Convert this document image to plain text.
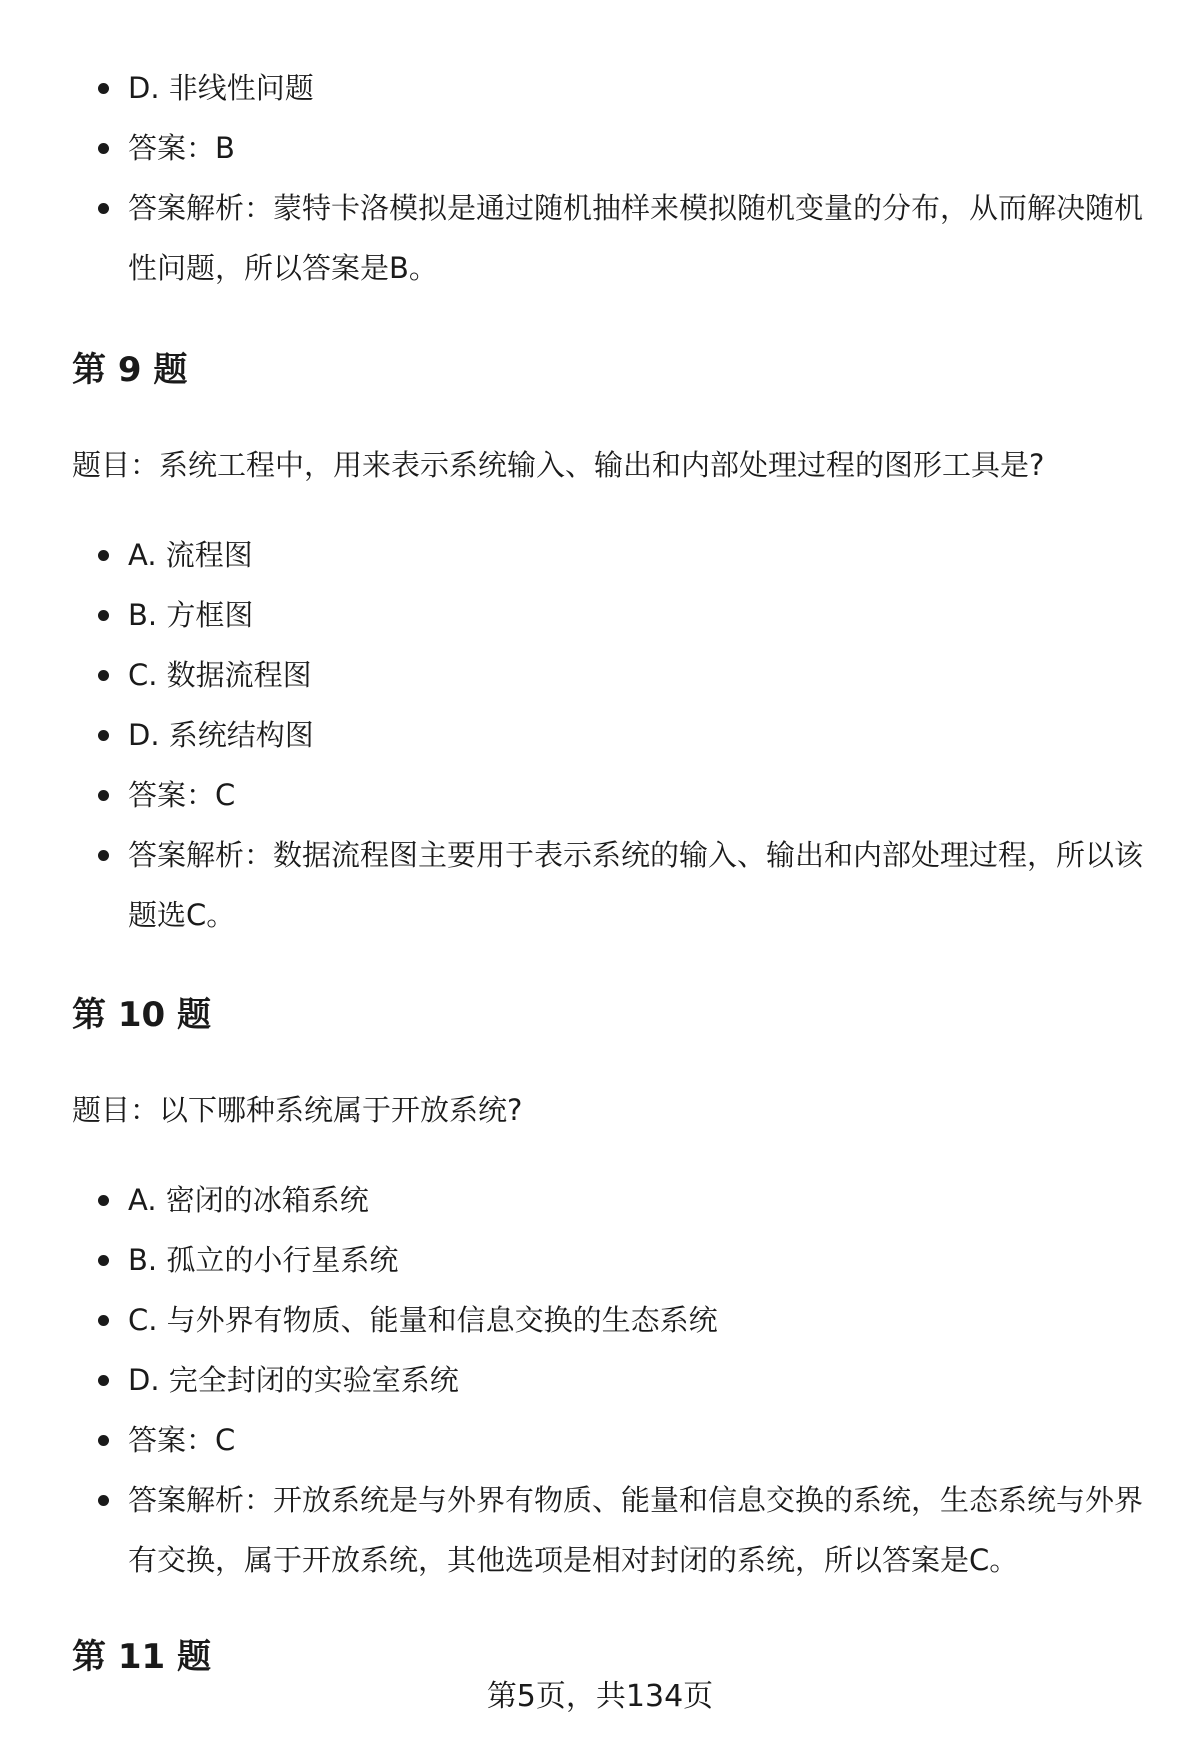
D. 非线性问题
答案：B
答案解析：蒙特卡洛模拟是通过随机抽样来模拟随机变量的分布，从而解决随机性问题，所以答案是B。
第 9 题
题目：系统工程中，用来表示系统输入、输出和内部处理过程的图形工具是?
A. 流程图
B. 方框图
C. 数据流程图
D. 系统结构图
答案：C
答案解析：数据流程图主要用于表示系统的输入、输出和内部处理过程，所以该题选C。
第 10 题
题目：以下哪种系统属于开放系统?
A. 密闭的冰箱系统
B. 孤立的小行星系统
C. 与外界有物质、能量和信息交换的生态系统
D. 完全封闭的实验室系统
答案：C
答案解析：开放系统是与外界有物质、能量和信息交换的系统，生态系统与外界有交换，属于开放系统，其他选项是相对封闭的系统，所以答案是C。
第 11 题
第5页，共134页
